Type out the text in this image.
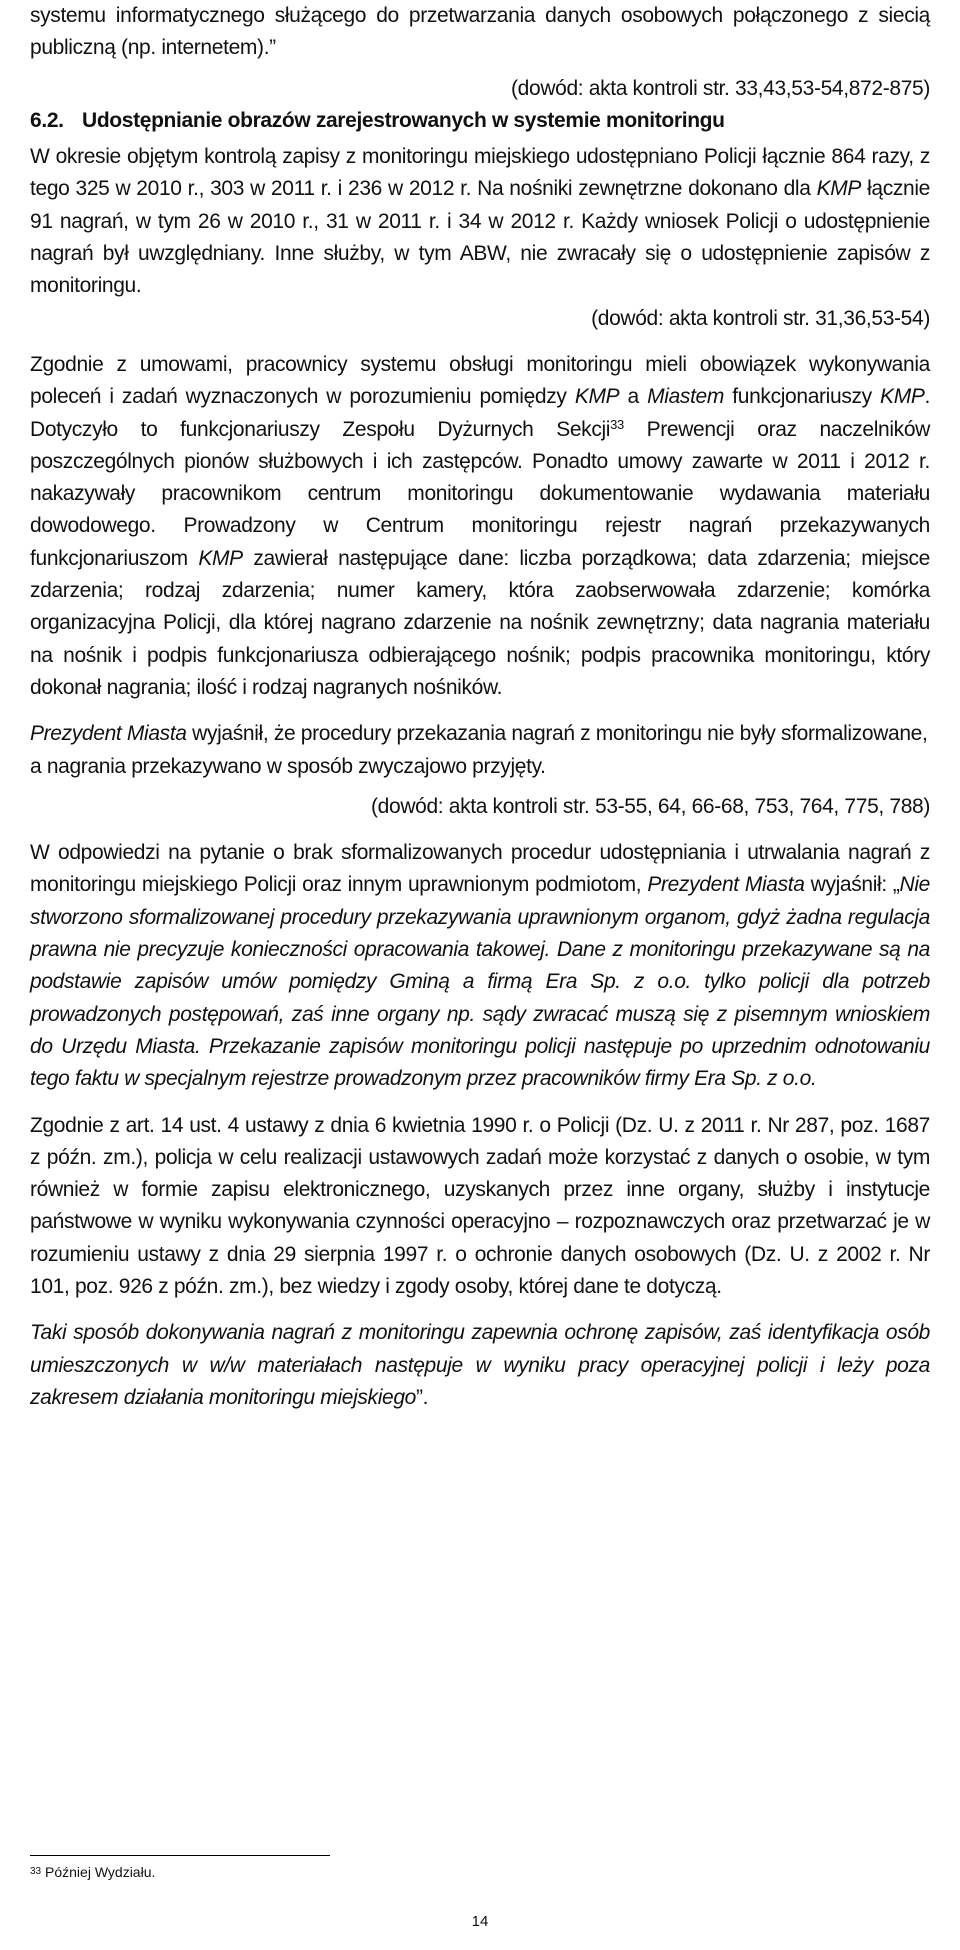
systemu informatycznego służącego do przetwarzania danych osobowych połączonego z siecią publiczną (np. internetem).”

(dowód: akta kontroli str. 33,43,53-54,872-875)

6.2. Udostępnianie obrazów zarejestrowanych w systemie monitoringu

W okresie objętym kontrolą zapisy z monitoringu miejskiego udostępniano Policji łącznie 864 razy, z tego 325 w 2010 r., 303 w 2011 r. i 236 w 2012 r. Na nośniki zewnętrzne dokonano dla KMP łącznie 91 nagrań, w tym 26 w 2010 r., 31 w 2011 r. i 34 w 2012 r. Każdy wniosek Policji o udostępnienie nagrań był uwzględniany. Inne służby, w tym ABW, nie zwracały się o udostępnienie zapisów z monitoringu.

(dowód: akta kontroli str. 31,36,53-54)

Zgodnie z umowami, pracownicy systemu obsługi monitoringu mieli obowiązek wykonywania poleceń i zadań wyznaczonych w porozumieniu pomiędzy KMP a Miastem funkcjonariuszy KMP. Dotyczyło to funkcjonariuszy Zespołu Dyżurnych Sekcji$^{33}$ Prewencji oraz naczelników poszczególnych pionów służbowych i ich zastępców. Ponadto umowy zawarte w 2011 i 2012 r. nakazywały pracownikom centrum monitoringu dokumentowanie wydawania materiału dowodowego. Prowadzony w Centrum monitoringu rejestr nagrań przekazywanych funkcjonariuszom KMP zawierał następujące dane: liczba porządkowa; data zdarzenia; miejsce zdarzenia; rodzaj zdarzenia; numer kamery, która zaobserwowała zdarzenie; komórka organizacyjna Policji, dla której nagrano zdarzenie na nośnik zewnętrzny; data nagrania materiału na nośnik i podpis funkcjonariusza odbierającego nośnik; podpis pracownika monitoringu, który dokonał nagrania; ilość i rodzaj nagranych nośników.

Prezydent Miasta wyjaśnił, że procedury przekazania nagrań z monitoringu nie były sformalizowane, a nagrania przekazywano w sposób zwyczajowo przyjęty.

(dowód: akta kontroli str. 53-55, 64, 66-68, 753, 764, 775, 788)

W odpowiedzi na pytanie o brak sformalizowanych procedur udostępniania i utrwalania nagrań z monitoringu miejskiego Policji oraz innym uprawnionym podmiotom, Prezydent Miasta wyjaśnił: „Nie stworzono sformalizowanej procedury przekazywania uprawnionym organom, gdyż żadna regulacja prawna nie precyzuje konieczności opracowania takowej. Dane z monitoringu przekazywane są na podstawie zapisów umów pomiędzy Gminą a firmą Era Sp. z o.o. tylko policji dla potrzeb prowadzonych postępowań, zaś inne organy np. sądy zwracać muszą się z pisemnym wnioskiem do Urzędu Miasta. Przekazanie zapisów monitoringu policji następuje po uprzednim odnotowaniu tego faktu w specjalnym rejestrze prowadzonym przez pracowników firmy Era Sp. z o.o.

Zgodnie z art. 14 ust. 4 ustawy z dnia 6 kwietnia 1990 r. o Policji (Dz. U. z 2011 r. Nr 287, poz. 1687 z późn. zm.), policja w celu realizacji ustawowych zadań może korzystać z danych o osobie, w tym również w formie zapisu elektronicznego, uzyskanych przez inne organy, służby i instytucje państwowe w wyniku wykonywania czynności operacyjno – rozpoznawczych oraz przetwarzać je w rozumieniu ustawy z dnia 29 sierpnia 1997 r. o ochronie danych osobowych (Dz. U. z 2002 r. Nr 101, poz. 926 z późn. zm.), bez wiedzy i zgody osoby, której dane te dotyczą.

Taki sposób dokonywania nagrań z monitoringu zapewnia ochronę zapisów, zaś identyfikacja osób umieszczonych w w/w materiałach następuje w wyniku pracy operacyjnej policji i leży poza zakresem działania monitoringu miejskiego”.

$^{33}$ Później Wydziału.
14
